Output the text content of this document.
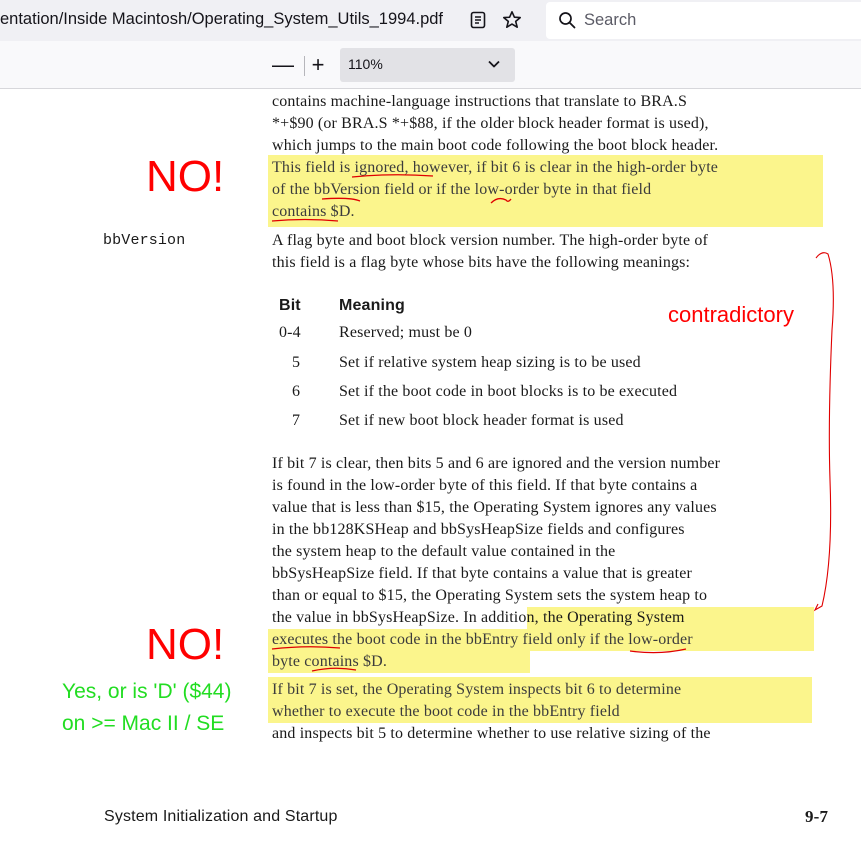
entation/Inside Macintosh/Operating_System_Utils_1994.pdf	Search
— +	110%
contains machine-language instructions that translate to BRA.S
*+$90 (or BRA.S *+$88, if the older block header format is used),
which jumps to the main boot code following the boot block header.
This field is ignored, however, if bit 6 is clear in the high-order byte
of the bbVersion field or if the low-order byte in that field
contains $D.
bbVersion	A flag byte and boot block version number. The high-order byte of
this field is a flag byte whose bits have the following meanings:
Bit Meaning
0-4 Reserved; must be 0
5 Set if relative system heap sizing is to be used
6 Set if the boot code in boot blocks is to be executed
7 Set if new boot block header format is used
If bit 7 is clear, then bits 5 and 6 are ignored and the version number
is found in the low-order byte of this field. If that byte contains a
value that is less than $15, the Operating System ignores any values
in the bb128KSHeap and bbSysHeapSize fields and configures
the system heap to the default value contained in the
bbSysHeapSize field. If that byte contains a value that is greater
than or equal to $15, the Operating System sets the system heap to
the value in bbSysHeapSize. In addition, the Operating System
executes the boot code in the bbEntry field only if the low-order
byte contains $D.
If bit 7 is set, the Operating System inspects bit 6 to determine
whether to execute the boot code in the bbEntry field
and inspects bit 5 to determine whether to use relative sizing of the
System Initialization and Startup	9-7
NO!
NO!
contradictory
Yes, or is 'D' ($44)
on >= Mac II / SE
